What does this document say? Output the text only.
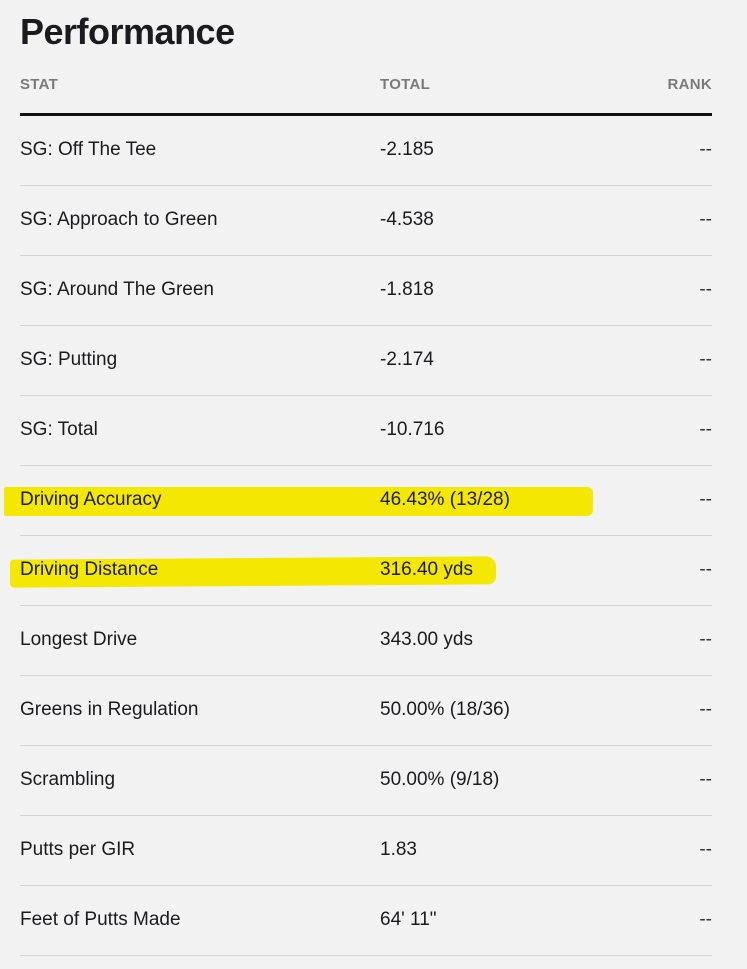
Performance
STAT	TOTAL	RANK
SG: Off The Tee	-2.185	--
SG: Approach to Green	-4.538	--
SG: Around The Green	-1.818	--
SG: Putting	-2.174	--
SG: Total	-10.716	--
Driving Accuracy	46.43% (13/28)	--
Driving Distance	316.40 yds	--
Longest Drive	343.00 yds	--
Greens in Regulation	50.00% (18/36)	--
Scrambling	50.00% (9/18)	--
Putts per GIR	1.83	--
Feet of Putts Made	64' 11"	--
